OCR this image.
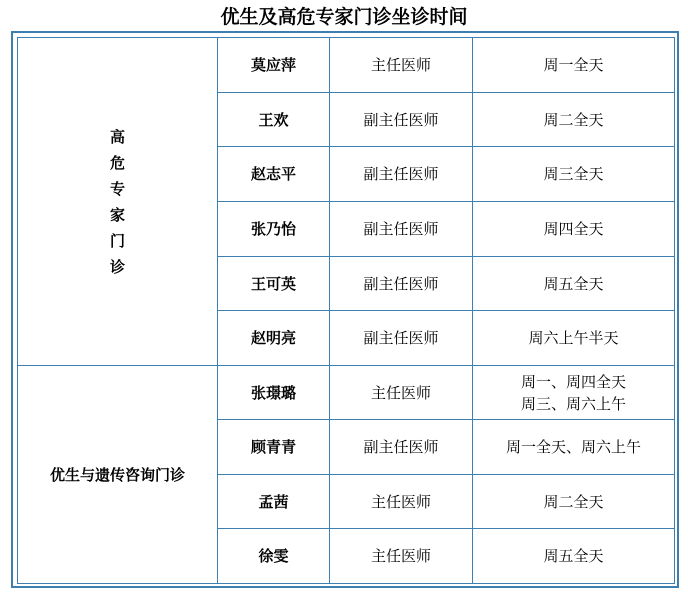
优生及高危专家门诊坐诊时间
高危专家门诊	莫应萍	主任医师	周一全天
	王欢	副主任医师	周二全天
	赵志平	副主任医师	周三全天
	张乃怡	副主任医师	周四全天
	王可英	副主任医师	周五全天
	赵明亮	副主任医师	周六上午半天
优生与遗传咨询门诊	张璟璐	主任医师	周一、周四全天
周三、周六上午

	顾青青	副主任医师	周一全天、周六上午
	孟茜	主任医师	周二全天
	徐雯	主任医师	周五全天
